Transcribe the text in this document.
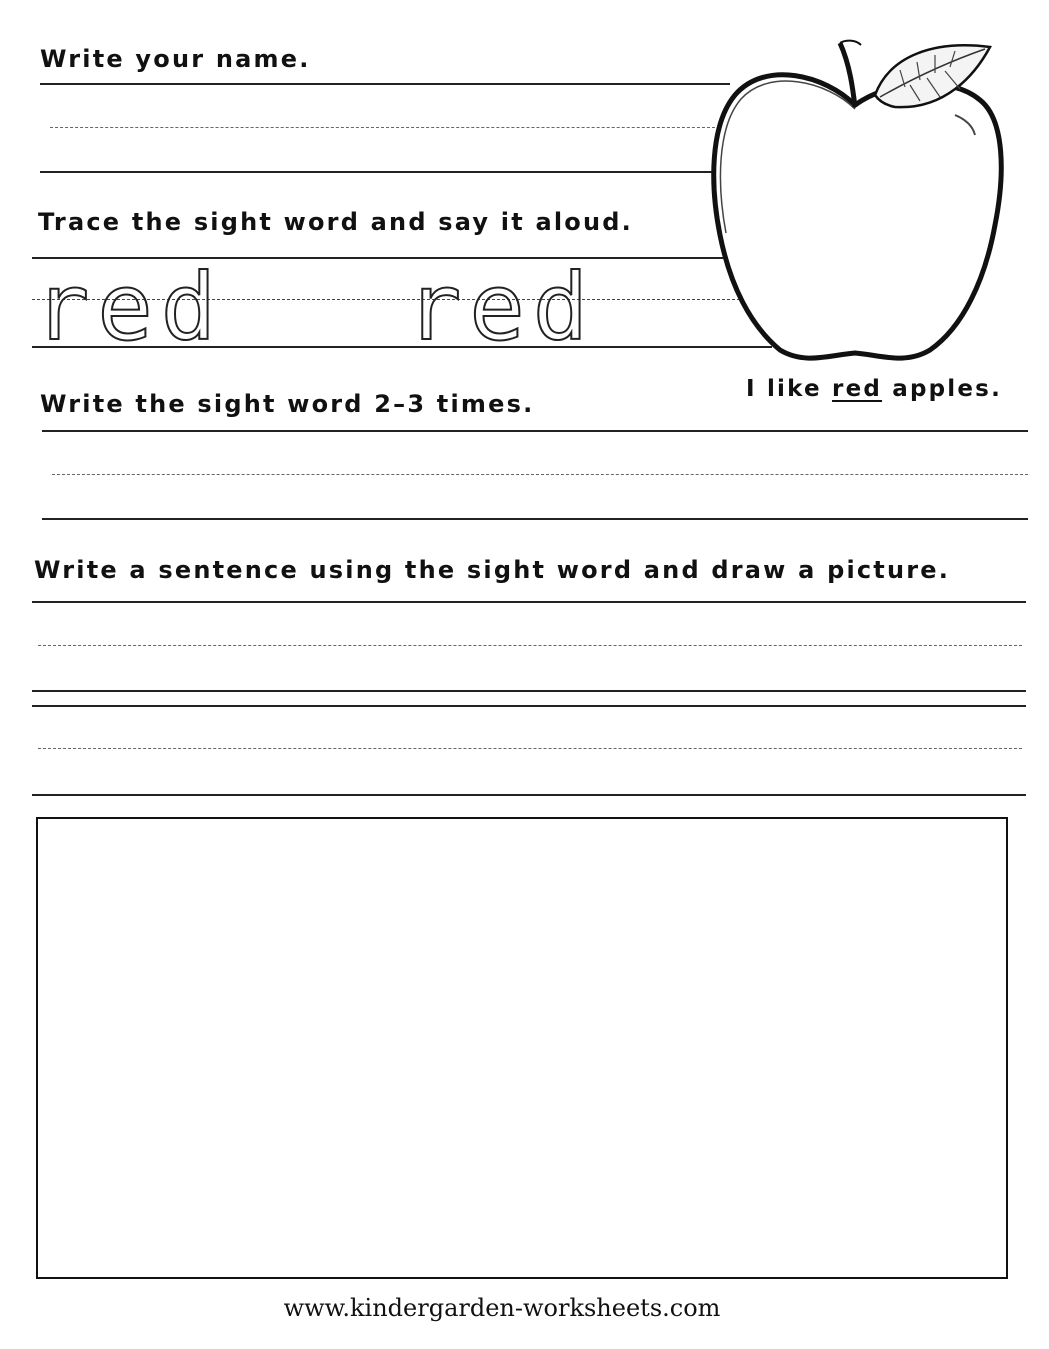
Write your name.
Trace the sight word and say it aloud.
red red
I like red apples.
Write the sight word 2–3 times.
Write a sentence using the sight word and draw a picture.
www.kindergarden-worksheets.com
